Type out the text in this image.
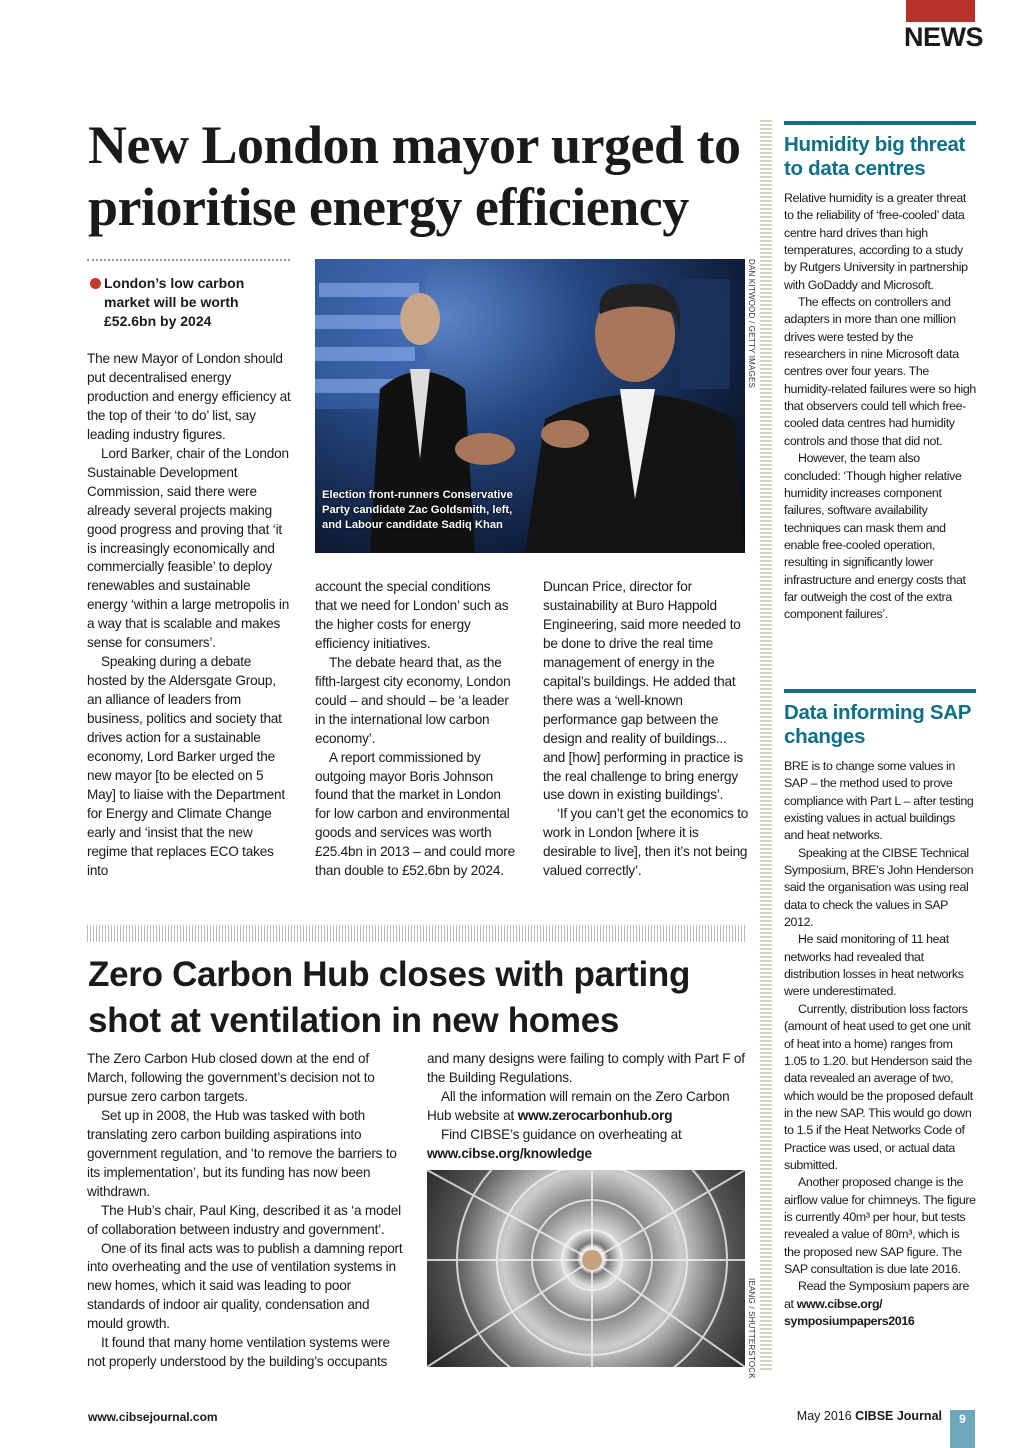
NEWS
New London mayor urged to prioritise energy efficiency
London’s low carbon market will be worth £52.6bn by 2024

The new Mayor of London should put decentralised energy production and energy efficiency at the top of their ‘to do’ list, say leading industry figures.

Lord Barker, chair of the London Sustainable Development Commission, said there were already several projects making good progress and proving that ‘it is increasingly economically and commercially feasible’ to deploy renewables and sustainable energy ‘within a large metropolis in a way that is scalable and makes sense for consumers’.

Speaking during a debate hosted by the Aldersgate Group, an alliance of leaders from business, politics and society that drives action for a sustainable economy, Lord Barker urged the new mayor [to be elected on 5 May] to liaise with the Department for Energy and Climate Change early and ‘insist that the new regime that replaces ECO takes into

Election front-runners Conservative Party candidate Zac Goldsmith, left, and Labour candidate Sadiq Khan
DAN KITWOOD / GETTY IMAGES

account the special conditions that we need for London’ such as the higher costs for energy efficiency initiatives.

The debate heard that, as the fifth-largest city economy, London could – and should – be ‘a leader in the international low carbon economy’.

A report commissioned by outgoing mayor Boris Johnson found that the market in London for low carbon and environmental goods and services was worth £25.4bn in 2013 – and could more than double to £52.6bn by 2024.

Duncan Price, director for sustainability at Buro Happold Engineering, said more needed to be done to drive the real time management of energy in the capital’s buildings. He added that there was a ‘well-known performance gap between the design and reality of buildings... and [how] performing in practice is the real challenge to bring energy use down in existing buildings’.

‘If you can’t get the economics to work in London [where it is desirable to live], then it’s not being valued correctly’.

Zero Carbon Hub closes with parting shot at ventilation in new homes

The Zero Carbon Hub closed down at the end of March, following the government’s decision not to pursue zero carbon targets.

Set up in 2008, the Hub was tasked with both translating zero carbon building aspirations into government regulation, and ‘to remove the barriers to its implementation’, but its funding has now been withdrawn.

The Hub’s chair, Paul King, described it as ‘a model of collaboration between industry and government’.

One of its final acts was to publish a damning report into overheating and the use of ventilation systems in new homes, which it said was leading to poor standards of indoor air quality, condensation and mould growth.

It found that many home ventilation systems were not properly understood by the building’s occupants

and many designs were failing to comply with Part F of the Building Regulations.

All the information will remain on the Zero Carbon Hub website at www.zerocarbonhub.org

Find CIBSE’s guidance on overheating at www.cibse.org/knowledge

IEANG / SHUTTERSTOCK
Humidity big threat to data centres

Relative humidity is a greater threat to the reliability of ‘free-cooled’ data centre hard drives than high temperatures, according to a study by Rutgers University in partnership with GoDaddy and Microsoft.

The effects on controllers and adapters in more than one million drives were tested by the researchers in nine Microsoft data centres over four years. The humidity-related failures were so high that observers could tell which free-cooled data centres had humidity controls and those that did not.

However, the team also concluded: ‘Though higher relative humidity increases component failures, software availability techniques can mask them and enable free-cooled operation, resulting in significantly lower infrastructure and energy costs that far outweigh the cost of the extra component failures’.

Data informing SAP changes

BRE is to change some values in SAP – the method used to prove compliance with Part L – after testing existing values in actual buildings and heat networks.

Speaking at the CIBSE Technical Symposium, BRE’s John Henderson said the organisation was using real data to check the values in SAP 2012.

He said monitoring of 11 heat networks had revealed that distribution losses in heat networks were underestimated.

Currently, distribution loss factors (amount of heat used to get one unit of heat into a home) ranges from 1.05 to 1.20. but Henderson said the data revealed an average of two, which would be the proposed default in the new SAP. This would go down to 1.5 if the Heat Networks Code of Practice was used, or actual data submitted.

Another proposed change is the airflow value for chimneys. The figure is currently 40m³ per hour, but tests revealed a value of 80m³, which is the proposed new SAP figure. The SAP consultation is due late 2016.

Read the Symposium papers are at www.cibse.org/ symposiumpapers2016

www.cibsejournal.com	May 2016 CIBSE Journal	9
